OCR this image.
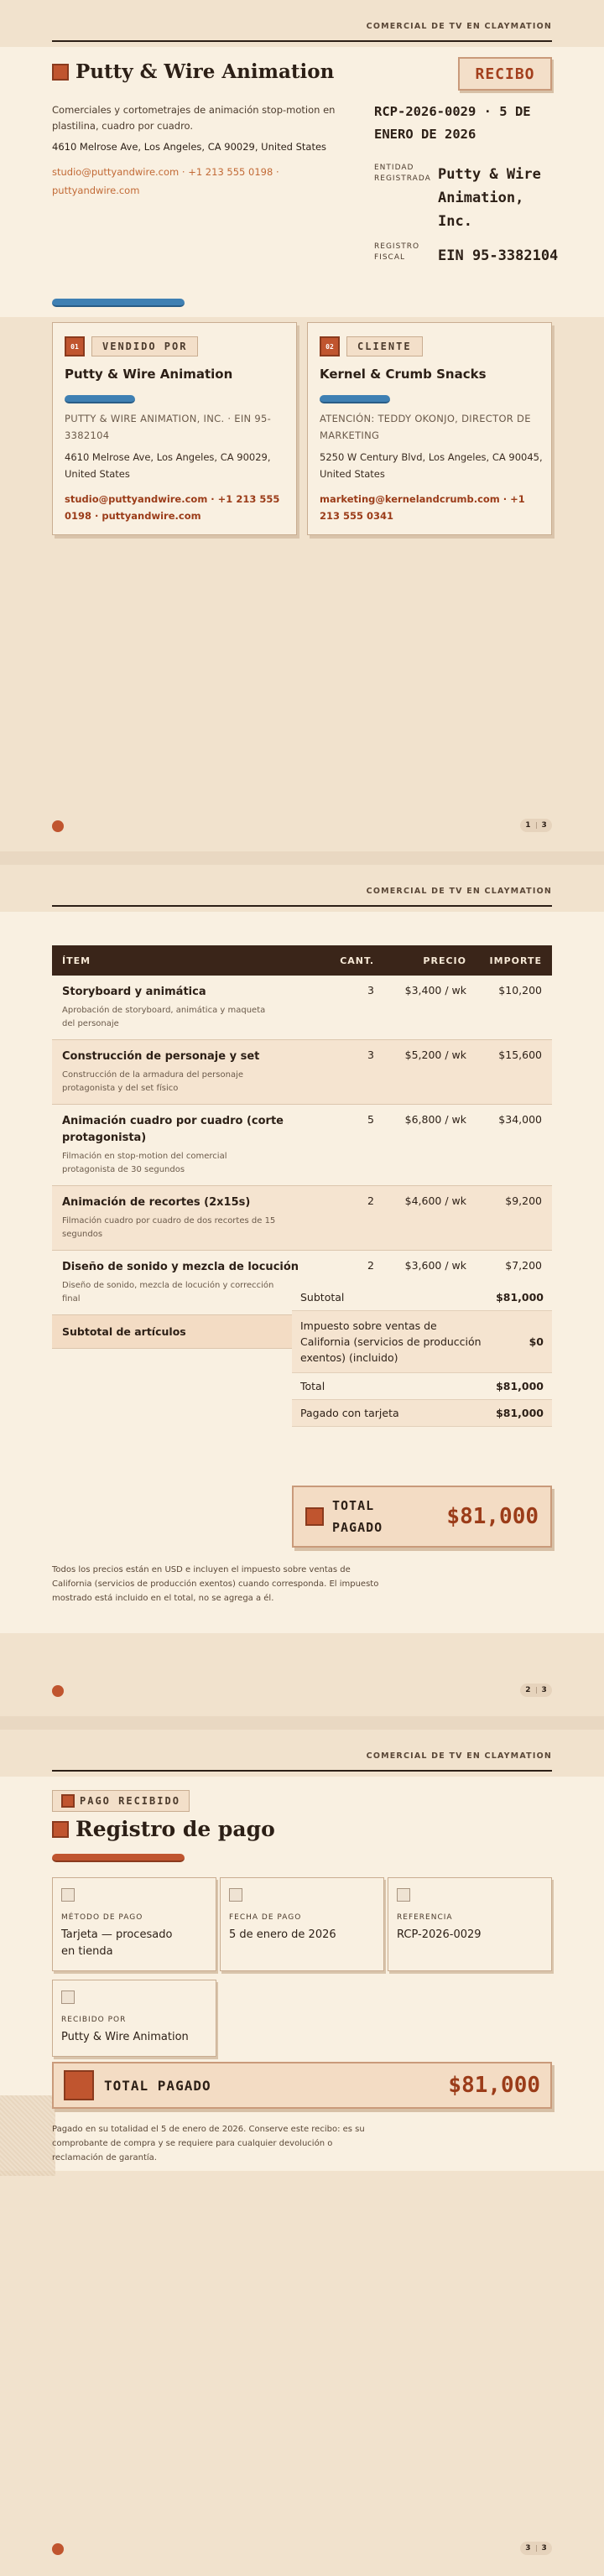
COMERCIAL DE TV EN CLAYMATION
Putty & Wire Animation
Comerciales y cortometrajes de animación stop-motion en plastilina, cuadro por cuadro.
4610 Melrose Ave, Los Angeles, CA 90029, United States
studio@puttyandwire.com · +1 213 555 0198 · puttyandwire.com
RECIBO
RCP-2026-0029 · 5 DE ENERO DE 2026
ENTIDAD REGISTRADA Putty & Wire Animation, Inc.
REGISTRO FISCAL	EIN 95-3382104
01	VENDIDO POR
Putty & Wire Animation
PUTTY & WIRE ANIMATION, INC. · EIN 95-3382104
4610 Melrose Ave, Los Angeles, CA 90029, United States
studio@puttyandwire.com · +1 213 555 0198 · puttyandwire.com
02	CLIENTE
Kernel & Crumb Snacks
ATENCIÓN: TEDDY OKONJO, DIRECTOR DE MARKETING
5250 W Century Blvd, Los Angeles, CA 90045, United States
marketing@kernelandcrumb.com · +1 213 555 0341
1 3
COMERCIAL DE TV EN CLAYMATION
ÍTEM	CANT.	PRECIO	IMPORTE

Storyboard y animática
Aprobación de storyboard, animática y maqueta del personaje	3	$3,400 / wk	$10,200

Construcción de personaje y set
Construcción de la armadura del personaje protagonista y del set físico	3	$5,200 / wk	$15,600

Animación cuadro por cuadro (corte protagonista)
Filmación en stop-motion del comercial protagonista de 30 segundos	5	$6,800 / wk	$34,000

Animación de recortes (2x15s)
Filmación cuadro por cuadro de dos recortes de 15 segundos	2	$4,600 / wk	$9,200

Diseño de sonido y mezcla de locución
Diseño de sonido, mezcla de locución y corrección final	2	$3,600 / wk	$7,200
Subtotal de artículos	
Subtotal	$81,000
Impuesto sobre ventas de California (servicios de producción exentos) (incluido)
$0
Total	$81,000
Pagado con tarjeta	$81,000
TOTAL PAGADO	$81,000
Todos los precios están en USD e incluyen el impuesto sobre ventas de California (servicios de producción exentos) cuando corresponda. El impuesto mostrado está incluido en el total, no se agrega a él.
2 3
COMERCIAL DE TV EN CLAYMATION
PAGO RECIBIDO
Registro de pago
MÉTODO DE PAGO
Tarjeta — procesado en tienda
FECHA DE PAGO
5 de enero de 2026
REFERENCIA
RCP-2026-0029
RECIBIDO POR
Putty & Wire Animation
TOTAL PAGADO	$81,000
Pagado en su totalidad el 5 de enero de 2026. Conserve este recibo: es su comprobante de compra y se requiere para cualquier devolución o reclamación de garantía.
3 3
